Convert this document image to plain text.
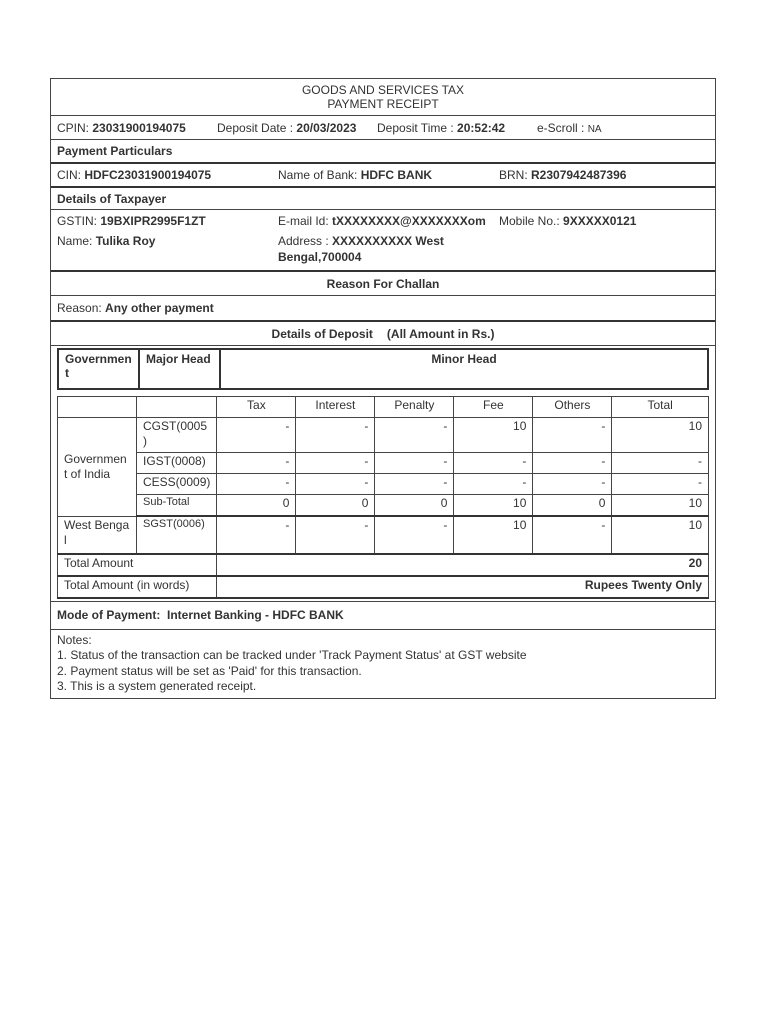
GOODS AND SERVICES TAX
PAYMENT RECEIPT
CPIN: 23031900194075	Deposit Date : 20/03/2023 Deposit Time : 20:52:42	e-Scroll : NA
Payment Particulars
CIN: HDFC23031900194075	Name of Bank: HDFC BANK	BRN: R2307942487396
Details of Taxpayer
GSTIN: 19BXIPR2995F1ZT	E-mail Id: tXXXXXXXX@XXXXXXXom Mobile No.: 9XXXXX0121
Name: Tulika Roy	Address : XXXXXXXXXX West
Bengal,700004
Reason For Challan
Reason:
Any other payment
Details of Deposit (All Amount in Rs.)
Governmen t	Major Head	Minor Head
		Tax	Interest	Penalty	Fee	Others	Total
Governmen t of India	CGST(0005 )	-	-	-	10	-	10
	IGST(0008)	-	-	-	-	-	-
	CESS(0009)	-	-	-	-	-	-
	Sub-Total	0	0	0	10	0	10
West Bengal	SGST(0006)	-	-	-	10	-	10
Total Amount		20					
Total Amount (in words)		Rupees Twenty Only					
Mode of Payment:
Internet Banking - HDFC BANK
Notes:
1. Status of the transaction can be tracked under 'Track Payment Status' at GST website
2. Payment status will be set as 'Paid' for this transaction.
3. This is a system generated receipt.
